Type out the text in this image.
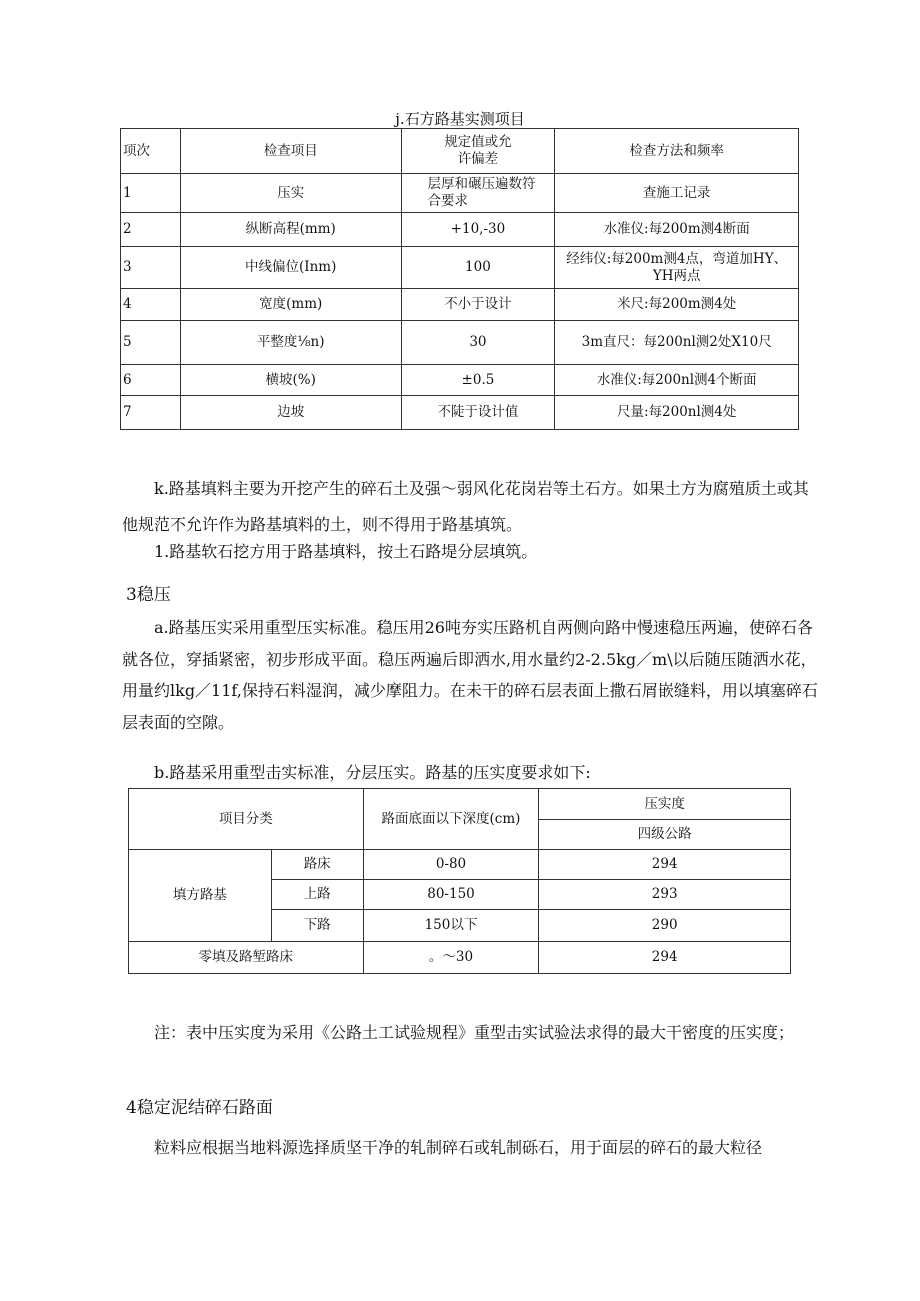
j.石方路基实测项目
项次	检查项目	规定值或允许偏差	检查方法和频率
1	压实	层厚和碾压遍数符合要求	查施工记录
2	纵断高程(mm)	+10,-30	水准仪:每200m测4断面
3	中线偏位(Inm)	100	经纬仪:每200m测4点，弯道加HY、YH两点
4	宽度(mm)	不小于设计	米尺:每200m测4处
5	平整度⅛n)	30	3m直尺：每200nl测2处X10尺
6	横坡(%)	±0.5	水准仪:每200nl测4个断面
7	边坡	不陡于设计值	尺量:每200nl测4处

k.路基填料主要为开挖产生的碎石土及强～弱风化花岗岩等土石方。如果土方为腐殖质土或其他规范不允许作为路基填料的土，则不得用于路基填筑。

1.路基软石挖方用于路基填料，按土石路堤分层填筑。

3稳压

a.路基压实采用重型压实标准。稳压用26吨夯实压路机自两侧向路中慢速稳压两遍，使碎石各就各位，穿插紧密，初步形成平面。稳压两遍后即洒水,用水量约2-2.5kg／m\以后随压随洒水花，用量约lkg／11f,保持石料湿润，减少摩阻力。在未干的碎石层表面上撒石屑嵌缝料，用以填塞碎石层表面的空隙。

b.路基采用重型击实标准，分层压实。路基的压实度要求如下:

项目分类		路面底面以下深度(cm)	压实度
			四级公路
填方路基	路床	0-80	294
	上路	80-150	293
	下路	150以下	290
零填及路堑路床		。～30	294

注：表中压实度为采用《公路土工试验规程》重型击实试验法求得的最大干密度的压实度；

4稳定泥结碎石路面

粒料应根据当地料源选择质坚干净的轧制碎石或轧制砾石，用于面层的碎石的最大粒径
